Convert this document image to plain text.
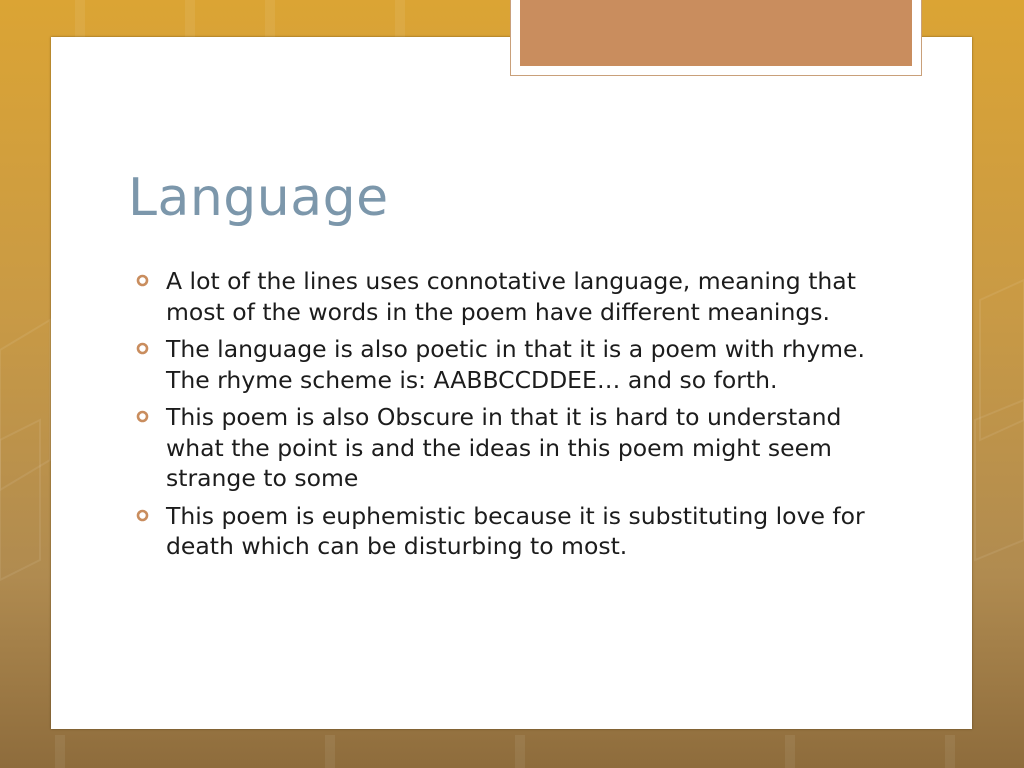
Language
A lot of the lines uses connotative language, meaning that most of the words in the poem have different meanings.
The language is also poetic in that it is a poem with rhyme. The rhyme scheme is: AABBCCDDEE… and so forth.
This poem is also Obscure in that it is hard to understand what the point is and the ideas in this poem might seem strange to some
This poem is euphemistic because it is substituting love for death which can be disturbing to most.
